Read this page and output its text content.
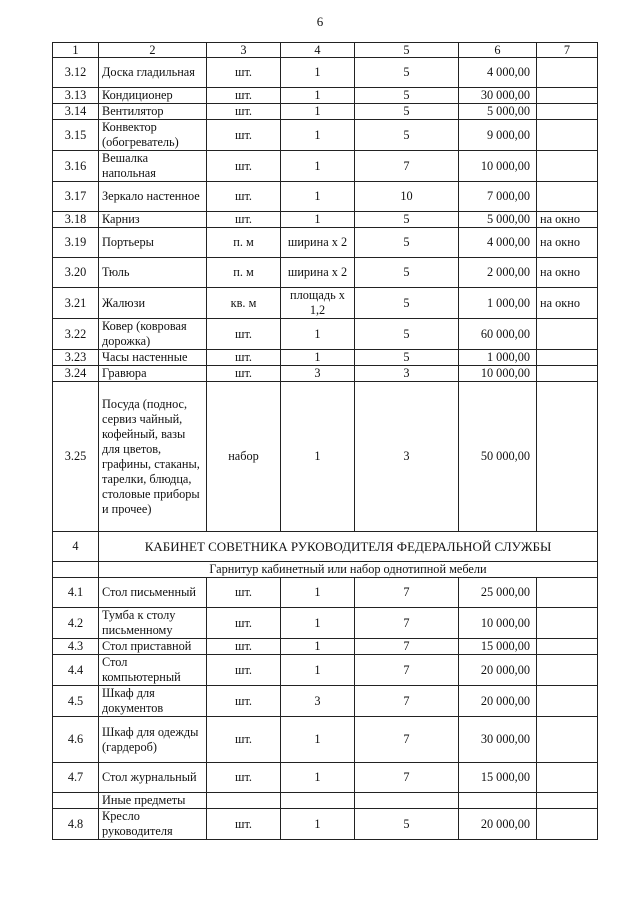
6
1	2	3	4	5	6	7
3.12	Доска гладильная	шт.	1	5	4 000,00	
3.13	Кондиционер	шт.	1	5	30 000,00	
3.14	Вентилятор	шт.	1	5	5 000,00	
3.15	Конвектор (обогреватель)	шт.	1	5	9 000,00	
3.16	Вешалка напольная	шт.	1	7	10 000,00	
3.17	Зеркало настенное	шт.	1	10	7 000,00	
3.18	Карниз	шт.	1	5	5 000,00	на окно
3.19	Портьеры	п. м	ширина х 2	5	4 000,00	на окно
3.20	Тюль	п. м	ширина х 2	5	2 000,00	на окно
3.21	Жалюзи	кв. м	площадь х 1,2	5	1 000,00	на окно
3.22	Ковер (ковровая дорожка)	шт.	1	5	60 000,00	
3.23	Часы настенные	шт.	1	5	1 000,00	
3.24	Гравюра	шт.	3	3	10 000,00	
3.25	Посуда (поднос, сервиз чайный, кофейный, вазы для цветов, графины, стаканы, тарелки, блюдца, столовые приборы и прочее)	набор	1	3	50 000,00	
4	КАБИНЕТ СОВЕТНИКА РУКОВОДИТЕЛЯ ФЕДЕРАЛЬНОЙ СЛУЖБЫ					
	Гарнитур кабинетный или набор однотипной мебели					
4.1	Стол письменный	шт.	1	7	25 000,00	
4.2	Тумба к столу письменному	шт.	1	7	10 000,00	
4.3	Стол приставной	шт.	1	7	15 000,00	
4.4	Стол компьютерный	шт.	1	7	20 000,00	
4.5	Шкаф для документов	шт.	3	7	20 000,00	
4.6	Шкаф для одежды (гардероб)	шт.	1	7	30 000,00	
4.7	Стол журнальный	шт.	1	7	15 000,00	
	Иные предметы					
4.8	Кресло руководителя	шт.	1	5	20 000,00	
